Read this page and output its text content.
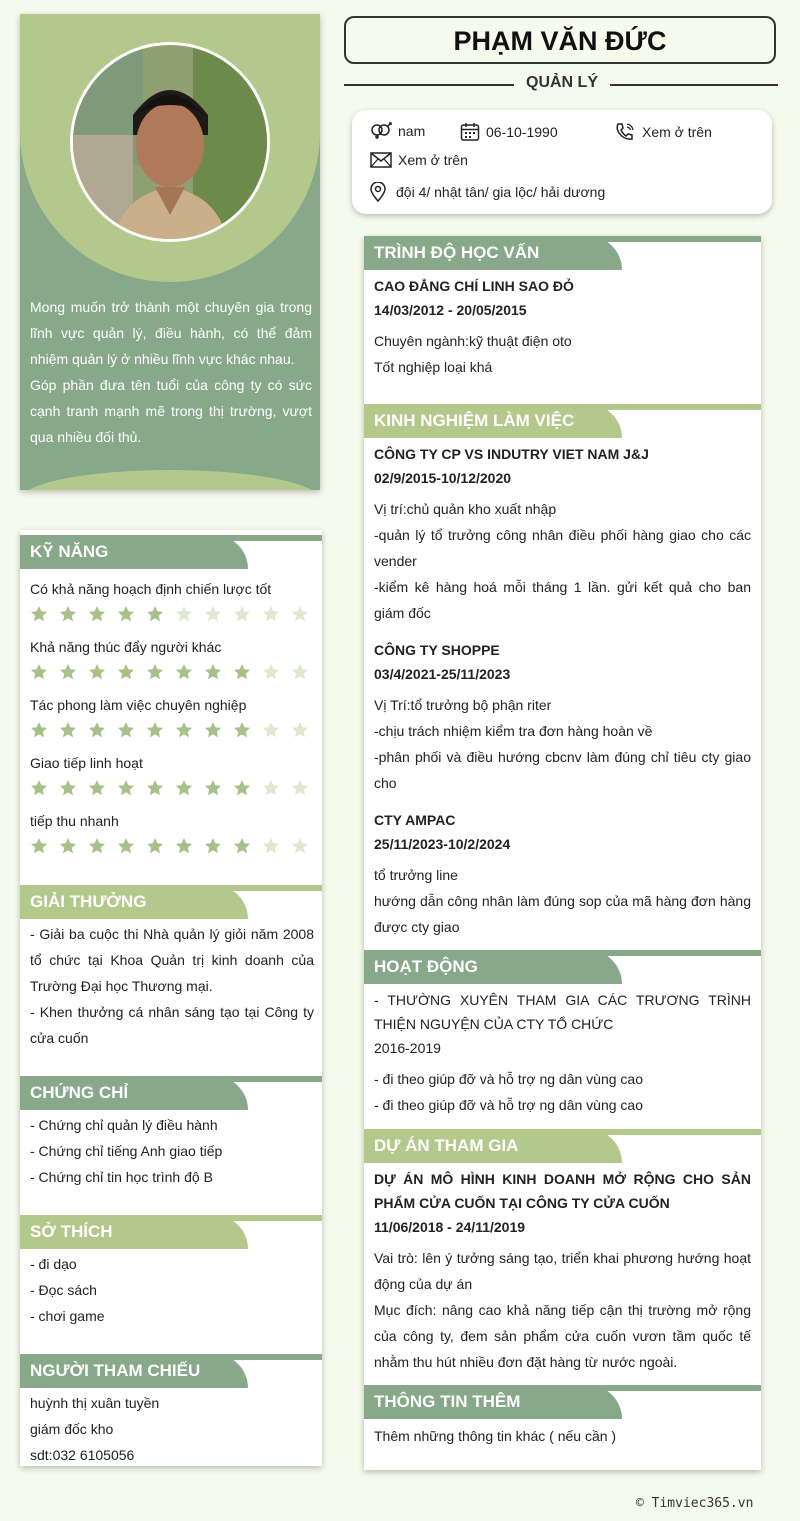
Mong muốn trở thành một chuyên gia trong lĩnh vực quản lý, điều hành, có thể đảm nhiệm quản lý ở nhiều lĩnh vực khác nhau.
Góp phần đưa tên tuổi của công ty có sức cạnh tranh mạnh mẽ trong thị trường, vượt qua nhiều đối thủ.
PHẠM VĂN ĐỨC
QUẢN LÝ
nam	06-10-1990	Xem ở trên
Xem ở trên
đội 4/ nhật tân/ gia lộc/ hải dương
KỸ NĂNG
Có khả năng hoạch định chiến lược tốt
Khả năng thúc đẩy người khác
Tác phong làm việc chuyên nghiệp
Giao tiếp linh hoạt
tiếp thu nhanh
GIẢI THƯỞNG
- Giải ba cuộc thi Nhà quản lý giỏi năm 2008 tổ chức tại Khoa Quản trị kinh doanh của Trường Đại học Thương mại.
- Khen thưởng cá nhân sáng tạo tại Công ty cửa cuốn
CHỨNG CHỈ
- Chứng chỉ quản lý điều hành
- Chứng chỉ tiếng Anh giao tiếp
- Chứng chỉ tin học trình độ B
SỞ THÍCH
- đi dạo
- Đọc sách
- chơi game
NGƯỜI THAM CHIẾU
huỳnh thị xuân tuyền
giám đốc kho
sdt:032 6105056
TRÌNH ĐỘ HỌC VẤN
CAO ĐẲNG CHÍ LINH SAO ĐỎ
14/03/2012 - 20/05/2015
Chuyên ngành:kỹ thuật điện oto
Tốt nghiệp loại khá
KINH NGHIỆM LÀM VIỆC
CÔNG TY CP VS INDUTRY VIET NAM J&J
02/9/2015-10/12/2020
Vị trí:chủ quản kho xuất nhập
-quản lý tổ trưởng công nhân điều phối hàng giao cho các vender
-kiểm kê hàng hoá mỗi tháng 1 lần. gửi kết quả cho ban giám đốc
CÔNG TY SHOPPE
03/4/2021-25/11/2023
Vị Trí:tổ trưởng bộ phận riter
-chịu trách nhiệm kiểm tra đơn hàng hoàn về
-phân phối và điều hướng cbcnv làm đúng chỉ tiêu cty giao cho
CTY AMPAC
25/11/2023-10/2/2024
tổ trưởng line
hướng dẫn công nhân làm đúng sop của mã hàng đơn hàng được cty giao
HOẠT ĐỘNG
- THƯỜNG XUYÊN THAM GIA CÁC TRƯƠNG TRÌNH THIỆN NGUYỆN CỦA CTY TỔ CHỨC
2016-2019
- đi theo giúp đỡ và hỗ trợ ng dân vùng cao
- đi theo giúp đỡ và hỗ trợ ng dân vùng cao
DỰ ÁN THAM GIA
DỰ ÁN MÔ HÌNH KINH DOANH MỞ RỘNG CHO SẢN PHẨM CỬA CUỐN TẠI CÔNG TY CỬA CUỐN
11/06/2018 - 24/11/2019
Vai trò: lên ý tưởng sáng tạo, triển khai phương hướng hoạt động của dự án
Mục đích: nâng cao khả năng tiếp cận thị trường mở rộng của công ty, đem sản phẩm cửa cuốn vươn tầm quốc tế nhằm thu hút nhiều đơn đặt hàng từ nước ngoài.
THÔNG TIN THÊM
Thêm những thông tin khác ( nếu cần )
© Timviec365.vn
